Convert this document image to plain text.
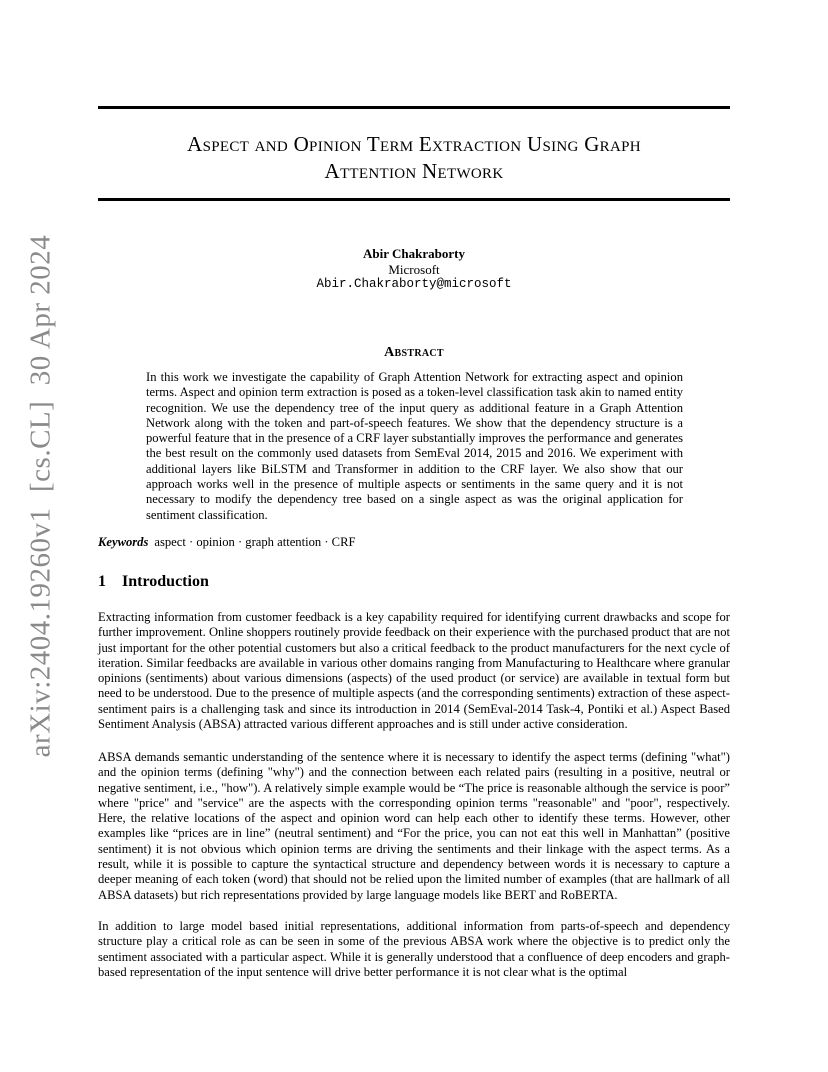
arXiv:2404.19260v1  [cs.CL]  30 Apr 2024
Aspect and Opinion Term Extraction Using Graph
Attention Network
Abir Chakraborty
Microsoft
Abir.Chakraborty@microsoft
Abstract
In this work we investigate the capability of Graph Attention Network for extracting aspect and opinion terms. Aspect and opinion term extraction is posed as a token-level classification task akin to named entity recognition. We use the dependency tree of the input query as additional feature in a Graph Attention Network along with the token and part-of-speech features. We show that the dependency structure is a powerful feature that in the presence of a CRF layer substantially improves the performance and generates the best result on the commonly used datasets from SemEval 2014, 2015 and 2016. We experiment with additional layers like BiLSTM and Transformer in addition to the CRF layer. We also show that our approach works well in the presence of multiple aspects or sentiments in the same query and it is not necessary to modify the dependency tree based on a single aspect as was the original application for sentiment classification.
Keywords aspect · opinion · graph attention · CRF
1 Introduction

Extracting information from customer feedback is a key capability required for identifying current drawbacks and scope for further improvement. Online shoppers routinely provide feedback on their experience with the purchased product that are not just important for the other potential customers but also a critical feedback to the product manufacturers for the next cycle of iteration. Similar feedbacks are available in various other domains ranging from Manufacturing to Healthcare where granular opinions (sentiments) about various dimensions (aspects) of the used product (or service) are available in textual form but need to be understood. Due to the presence of multiple aspects (and the corresponding sentiments) extraction of these aspect-sentiment pairs is a challenging task and since its introduction in 2014 (SemEval-2014 Task-4, Pontiki et al.) Aspect Based Sentiment Analysis (ABSA) attracted various different approaches and is still under active consideration.

ABSA demands semantic understanding of the sentence where it is necessary to identify the aspect terms (defining "what") and the opinion terms (defining "why") and the connection between each related pairs (resulting in a positive, neutral or negative sentiment, i.e., "how"). A relatively simple example would be “The price is reasonable although the service is poor” where "price" and "service" are the aspects with the corresponding opinion terms "reasonable" and "poor", respectively. Here, the relative locations of the aspect and opinion word can help each other to identify these terms. However, other examples like “prices are in line” (neutral sentiment) and “For the price, you can not eat this well in Manhattan” (positive sentiment) it is not obvious which opinion terms are driving the sentiments and their linkage with the aspect terms. As a result, while it is possible to capture the syntactical structure and dependency between words it is necessary to capture a deeper meaning of each token (word) that should not be relied upon the limited number of examples (that are hallmark of all ABSA datasets) but rich representations provided by large language models like BERT and RoBERTA.

In addition to large model based initial representations, additional information from parts-of-speech and dependency structure play a critical role as can be seen in some of the previous ABSA work where the objective is to predict only the sentiment associated with a particular aspect. While it is generally understood that a confluence of deep encoders and graph-based representation of the input sentence will drive better performance it is not clear what is the optimal
